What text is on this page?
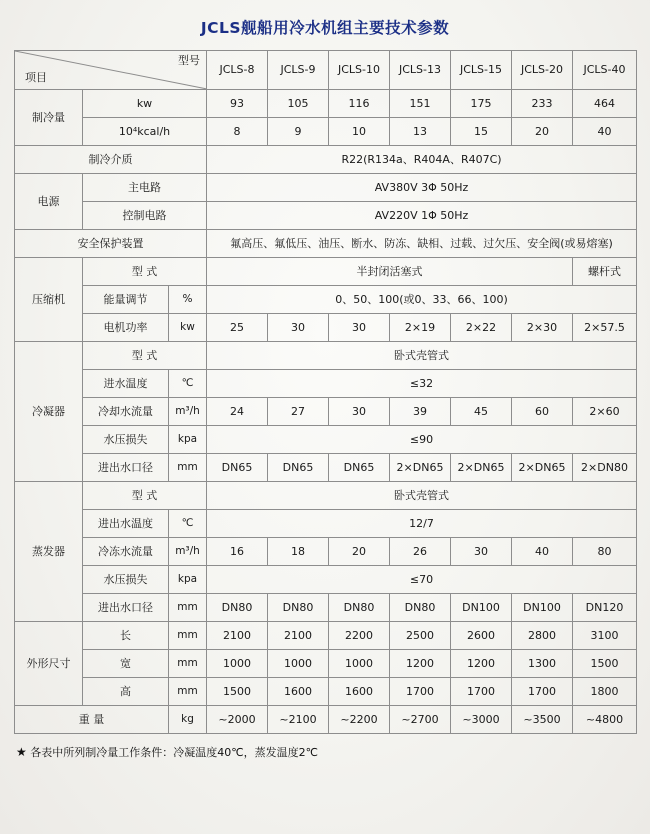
JCLS舰船用冷水机组主要技术参数
型号
项目			JCLS-8	JCLS-9	JCLS-10	JCLS-13	JCLS-15	JCLS-20	JCLS-40
制冷量	kw		93	105	116	151	175	233	464
	10⁴kcal/h		8	9	10	13	15	20	40
制冷介质			R22(R134a、R404A、R407C)						
电源	主电路		AV380V 3Φ 50Hz						
	控制电路		AV220V 1Φ 50Hz						
安全保护装置			氟高压、氟低压、油压、断水、防冻、缺相、过载、过欠压、安全阀(或易熔塞)						
压缩机	型 式		半封闭活塞式						螺杆式
	能量调节	%	0、50、100(或0、33、66、100)						
	电机功率	kw	25	30	30	2×19	2×22	2×30	2×57.5
冷凝器	型 式		卧式壳管式						
	进水温度	℃	≤32						
	冷却水流量	m³/h	24	27	30	39	45	60	2×60
	水压损失	kpa	≤90						
	进出水口径	mm	DN65	DN65	DN65	2×DN65	2×DN65	2×DN65	2×DN80
蒸发器	型 式		卧式壳管式						
	进出水温度	℃	12/7						
	冷冻水流量	m³/h	16	18	20	26	30	40	80
	水压损失	kpa	≤70						
	进出水口径	mm	DN80	DN80	DN80	DN80	DN100	DN100	DN120
外形尺寸	长	mm	2100	2100	2200	2500	2600	2800	3100
	宽	mm	1000	1000	1000	1200	1200	1300	1500
	高	mm	1500	1600	1600	1700	1700	1700	1800
重 量		kg	~2000	~2100	~2200	~2700	~3000	~3500	~4800
★ 各表中所列制冷量工作条件：冷凝温度40℃，蒸发温度2℃
